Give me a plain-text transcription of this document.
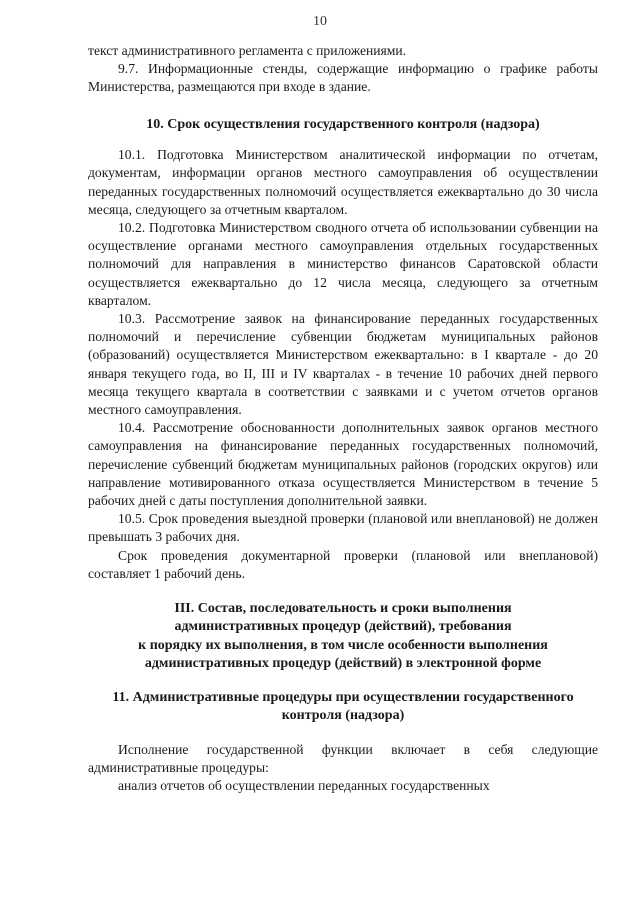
10

текст административного регламента с приложениями.

9.7. Информационные стенды, содержащие информацию о графике работы Министерства, размещаются при входе в здание.

10. Срок осуществления государственного контроля (надзора)

10.1. Подготовка Министерством аналитической информации по отчетам, документам, информации органов местного самоуправления об осуществлении переданных государственных полномочий осуществляется ежеквартально до 30 числа месяца, следующего за отчетным кварталом.

10.2. Подготовка Министерством сводного отчета об использовании субвенции на осуществление органами местного самоуправления отдельных государственных полномочий для направления в министерство финансов Саратовской области осуществляется ежеквартально до 12 числа месяца, следующего за отчетным кварталом.

10.3. Рассмотрение заявок на финансирование переданных государственных полномочий и перечисление субвенции бюджетам муниципальных районов (образований) осуществляется Министерством ежеквартально: в I квартале - до 20 января текущего года, во II, III и IV кварталах - в течение 10 рабочих дней первого месяца текущего квартала в соответствии с заявками и с учетом отчетов органов местного самоуправления.

10.4. Рассмотрение обоснованности дополнительных заявок органов местного самоуправления на финансирование переданных государственных полномочий, перечисление субвенций бюджетам муниципальных районов (городских округов) или направление мотивированного отказа осуществляется Министерством в течение 5 рабочих дней с даты поступления дополнительной заявки.

10.5. Срок проведения выездной проверки (плановой или внеплановой) не должен превышать 3 рабочих дня.

Срок проведения документарной проверки (плановой или внеплановой) составляет 1 рабочий день.

III. Состав, последовательность и сроки выполнения
административных процедур (действий), требования
к порядку их выполнения, в том числе особенности выполнения
административных процедур (действий) в электронной форме
11. Административные процедуры при осуществлении государственного
контроля (надзора)

Исполнение государственной функции включает в себя следующие административные процедуры:

анализ отчетов об осуществлении переданных государственных
